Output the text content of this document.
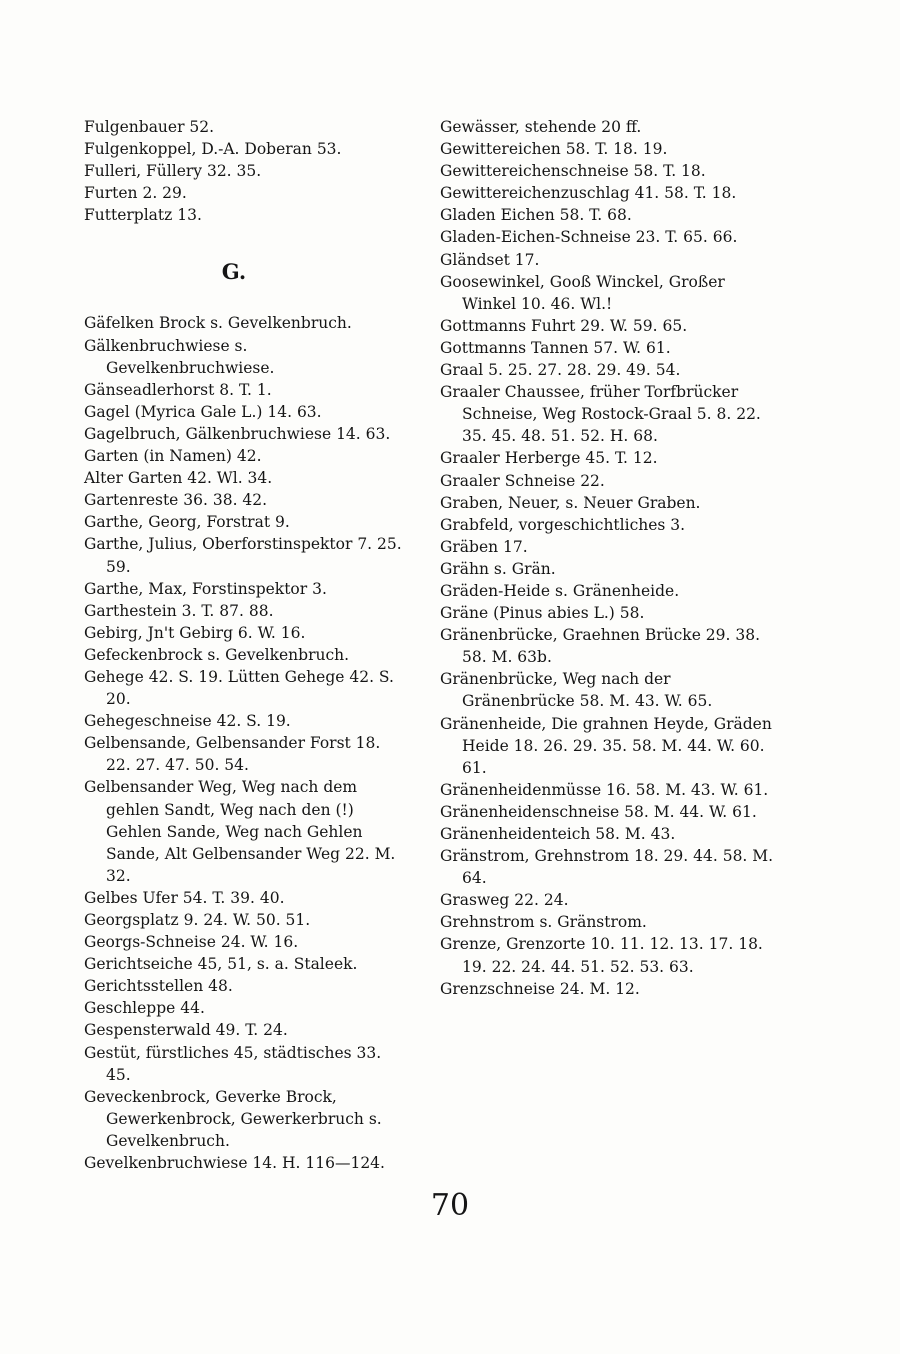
Fulgenbauer 52.

Fulgenkoppel, D.-A. Doberan 53.

Fulleri, Füllery 32. 35.

Furten 2. 29.

Futterplatz 13.

G.

Gäfelken Brock s. Gevelkenbruch.

Gälkenbruchwiese s. Gevelkenbruchwiese.

Gänseadlerhorst 8. T. 1.

Gagel (Myrica Gale L.) 14. 63.

Gagelbruch, Gälkenbruchwiese 14. 63.

Garten (in Namen) 42.

Alter Garten 42. Wl. 34.

Gartenreste 36. 38. 42.

Garthe, Georg, Forstrat 9.

Garthe, Julius, Oberforstinspektor 7. 25. 59.

Garthe, Max, Forstinspektor 3.

Garthestein 3. T. 87. 88.

Gebirg, Jn't Gebirg 6. W. 16.

Gefeckenbrock s. Gevelkenbruch.

Gehege 42. S. 19. Lütten Gehege 42. S. 20.

Gehegeschneise 42. S. 19.

Gelbensande, Gelbensander Forst 18. 22. 27. 47. 50. 54.

Gelbensander Weg, Weg nach dem gehlen Sandt, Weg nach den (!) Gehlen Sande, Weg nach Gehlen Sande, Alt Gelbensander Weg 22. M. 32.

Gelbes Ufer 54. T. 39. 40.

Georgsplatz 9. 24. W. 50. 51.

Georgs-Schneise 24. W. 16.

Gerichtseiche 45, 51, s. a. Staleek.

Gerichtsstellen 48.

Geschleppe 44.

Gespensterwald 49. T. 24.

Gestüt, fürstliches 45, städtisches 33. 45.

Geveckenbrock, Geverke Brock, Gewerkenbrock, Gewerkerbruch s. Gevelkenbruch.

Gevelkenbruchwiese 14. H. 116—124.

Gewässer, stehende 20 ff.

Gewittereichen 58. T. 18. 19.

Gewittereichenschneise 58. T. 18.

Gewittereichenzuschlag 41. 58. T. 18.

Gladen Eichen 58. T. 68.

Gladen-Eichen-Schneise 23. T. 65. 66.

Gländset 17.

Goosewinkel, Gooß Winckel, Großer Winkel 10. 46. Wl.!

Gottmanns Fuhrt 29. W. 59. 65.

Gottmanns Tannen 57. W. 61.

Graal 5. 25. 27. 28. 29. 49. 54.

Graaler Chaussee, früher Torfbrücker Schneise, Weg Rostock-Graal 5. 8. 22. 35. 45. 48. 51. 52. H. 68.

Graaler Herberge 45. T. 12.

Graaler Schneise 22.

Graben, Neuer, s. Neuer Graben.

Grabfeld, vorgeschichtliches 3.

Gräben 17.

Grähn s. Grän.

Gräden-Heide s. Gränenheide.

Gräne (Pinus abies L.) 58.

Gränenbrücke, Graehnen Brücke 29. 38. 58. M. 63b.

Gränenbrücke, Weg nach der Gränenbrücke 58. M. 43. W. 65.

Gränenheide, Die grahnen Heyde, Gräden Heide 18. 26. 29. 35. 58. M. 44. W. 60. 61.

Gränenheidenmüsse 16. 58. M. 43. W. 61.

Gränenheidenschneise 58. M. 44. W. 61.

Gränenheidenteich 58. M. 43.

Gränstrom, Grehnstrom 18. 29. 44. 58. M. 64.

Grasweg 22. 24.

Grehnstrom s. Gränstrom.

Grenze, Grenzorte 10. 11. 12. 13. 17. 18. 19. 22. 24. 44. 51. 52. 53. 63.

Grenzschneise 24. M. 12.

70
